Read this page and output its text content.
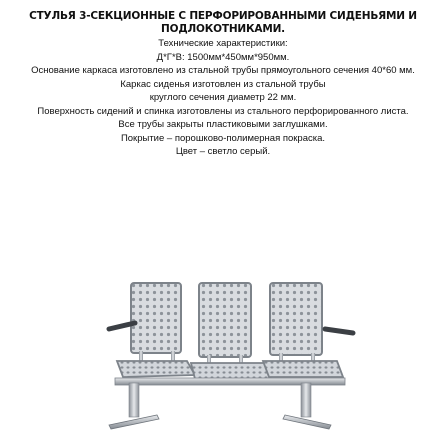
СТУЛЬЯ 3-СЕКЦИОННЫЕ С ПЕРФОРИРОВАННЫМИ СИДЕНЬЯМИ И ПОДЛОКОТНИКАМИ.

Технические характеристики:

Д*Г*В: 1500мм*450мм*950мм.

Основание каркаса изготовлено из стальной трубы прямоугольного сечения 40*60 мм.

Каркас сиденья изготовлен из стальной трубы

круглого сечения диаметр 22 мм.

Поверхность сидений и спинка изготовлены из стального перфорированного листа.

Все трубы закрыты пластиковыми заглушками.

Покрытие – порошково-полимерная покраска.

Цвет – светло серый.
